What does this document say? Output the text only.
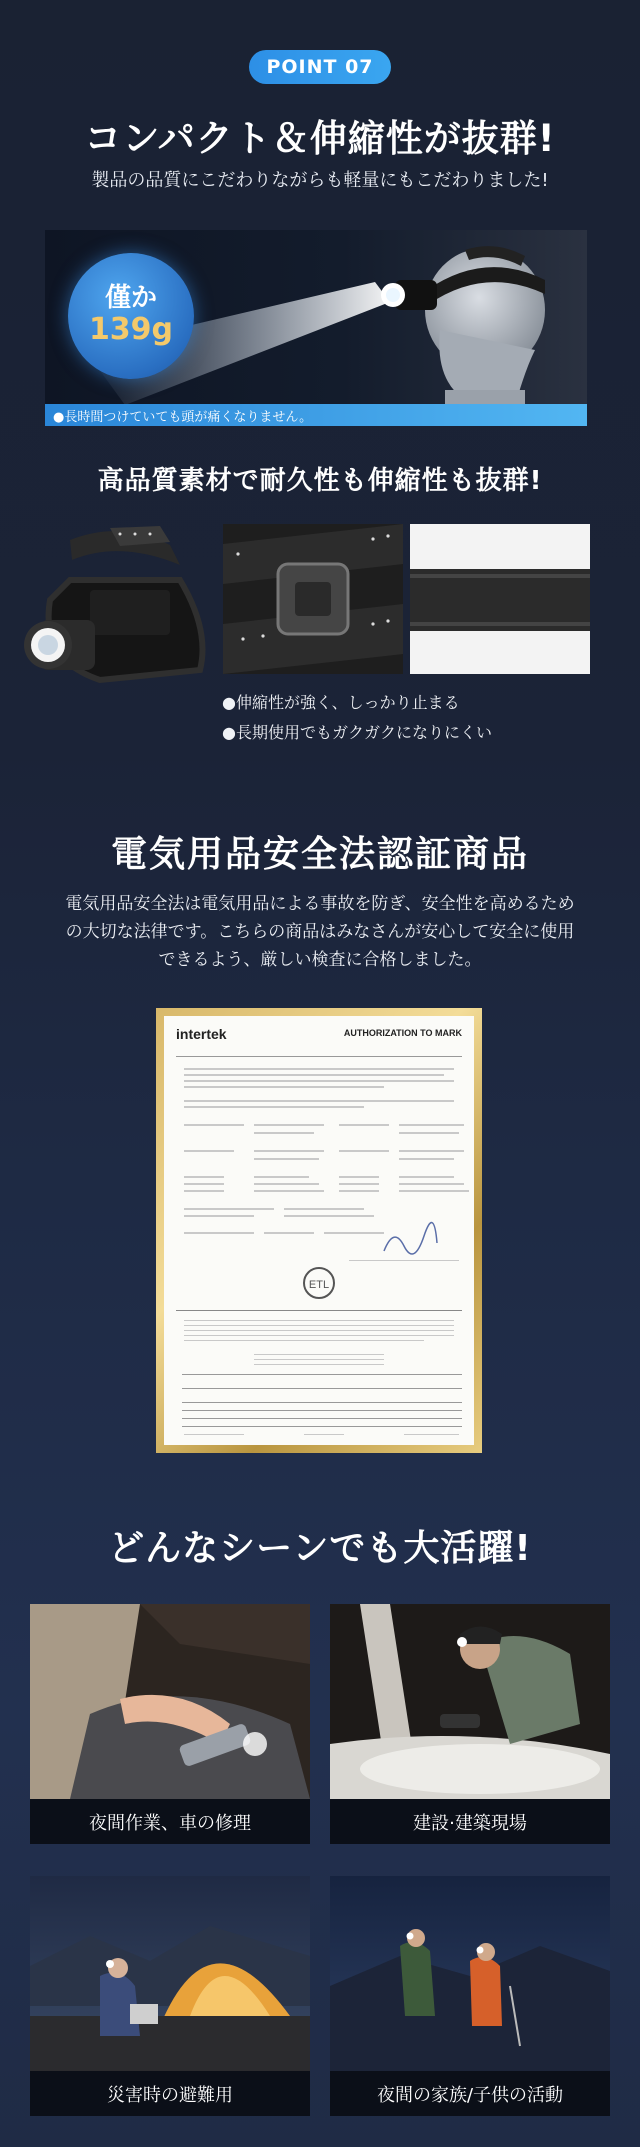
POINT 07
コンパクト＆伸縮性が抜群!
製品の品質にこだわりながらも軽量にもこだわりました!
僅か
139g
●長時間つけていても頭が痛くなりません。
高品質素材で耐久性も伸縮性も抜群!
●伸縮性が強く、しっかり止まる
●長期使用でもガクガクになりにくい
電気用品安全法認証商品
電気用品安全法は電気用品による事故を防ぎ、安全性を高めるための大切な法律です。こちらの商品はみなさんが安心して安全に使用できるよう、厳しい検査に合格しました。
intertek	AUTHORIZATION TO MARK
ETL
どんなシーンでも大活躍!
夜間作業、車の修理	建設·建築現場
災害時の避難用	夜間の家族/子供の活動
